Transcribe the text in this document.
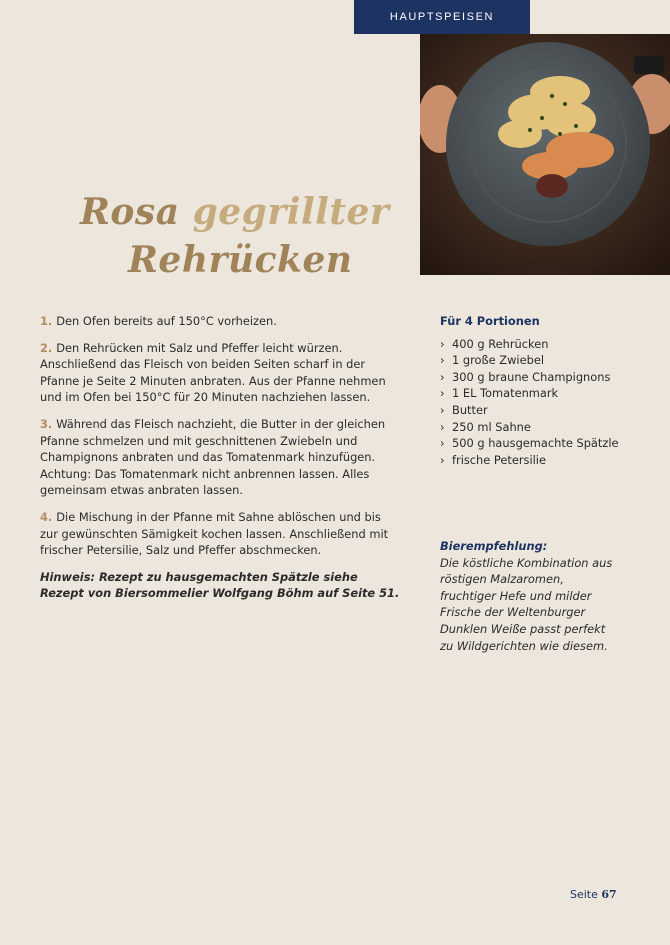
HAUPTSPEISEN
Rosa gegrillter
Rehrücken

1. Den Ofen bereits auf 150°C vorheizen.

2. Den Rehrücken mit Salz und Pfeffer leicht würzen. Anschließend das Fleisch von beiden Seiten scharf in der Pfanne je Seite 2 Minuten anbraten. Aus der Pfanne nehmen und im Ofen bei 150°C für 20 Minuten nachziehen lassen.

3. Während das Fleisch nachzieht, die Butter in der gleichen Pfanne schmelzen und mit geschnittenen Zwiebeln und Champignons anbraten und das Tomatenmark hinzufügen. Achtung: Das Tomatenmark nicht anbrennen lassen. Alles gemeinsam etwas anbraten lassen.

4. Die Mischung in der Pfanne mit Sahne ablöschen und bis zur gewünschten Sämigkeit kochen lassen. Anschließend mit frischer Petersilie, Salz und Pfeffer abschmecken.

Hinweis: Rezept zu hausgemachten Spätzle siehe Rezept von Biersommelier Wolfgang Böhm auf Seite 51.

Für 4 Portionen
› 400 g Rehrücken
› 1 große Zwiebel
› 300 g braune Champignons
› 1 EL Tomatenmark
› Butter
› 250 ml Sahne
› 500 g hausgemachte Spätzle
› frische Petersilie
Bierempfehlung:
Die köstliche Kombination aus röstigen Malzaromen, fruchtiger Hefe und milder Frische der Weltenburger Dunklen Weiße passt perfekt zu Wildgerichten wie diesem.
Seite 67
